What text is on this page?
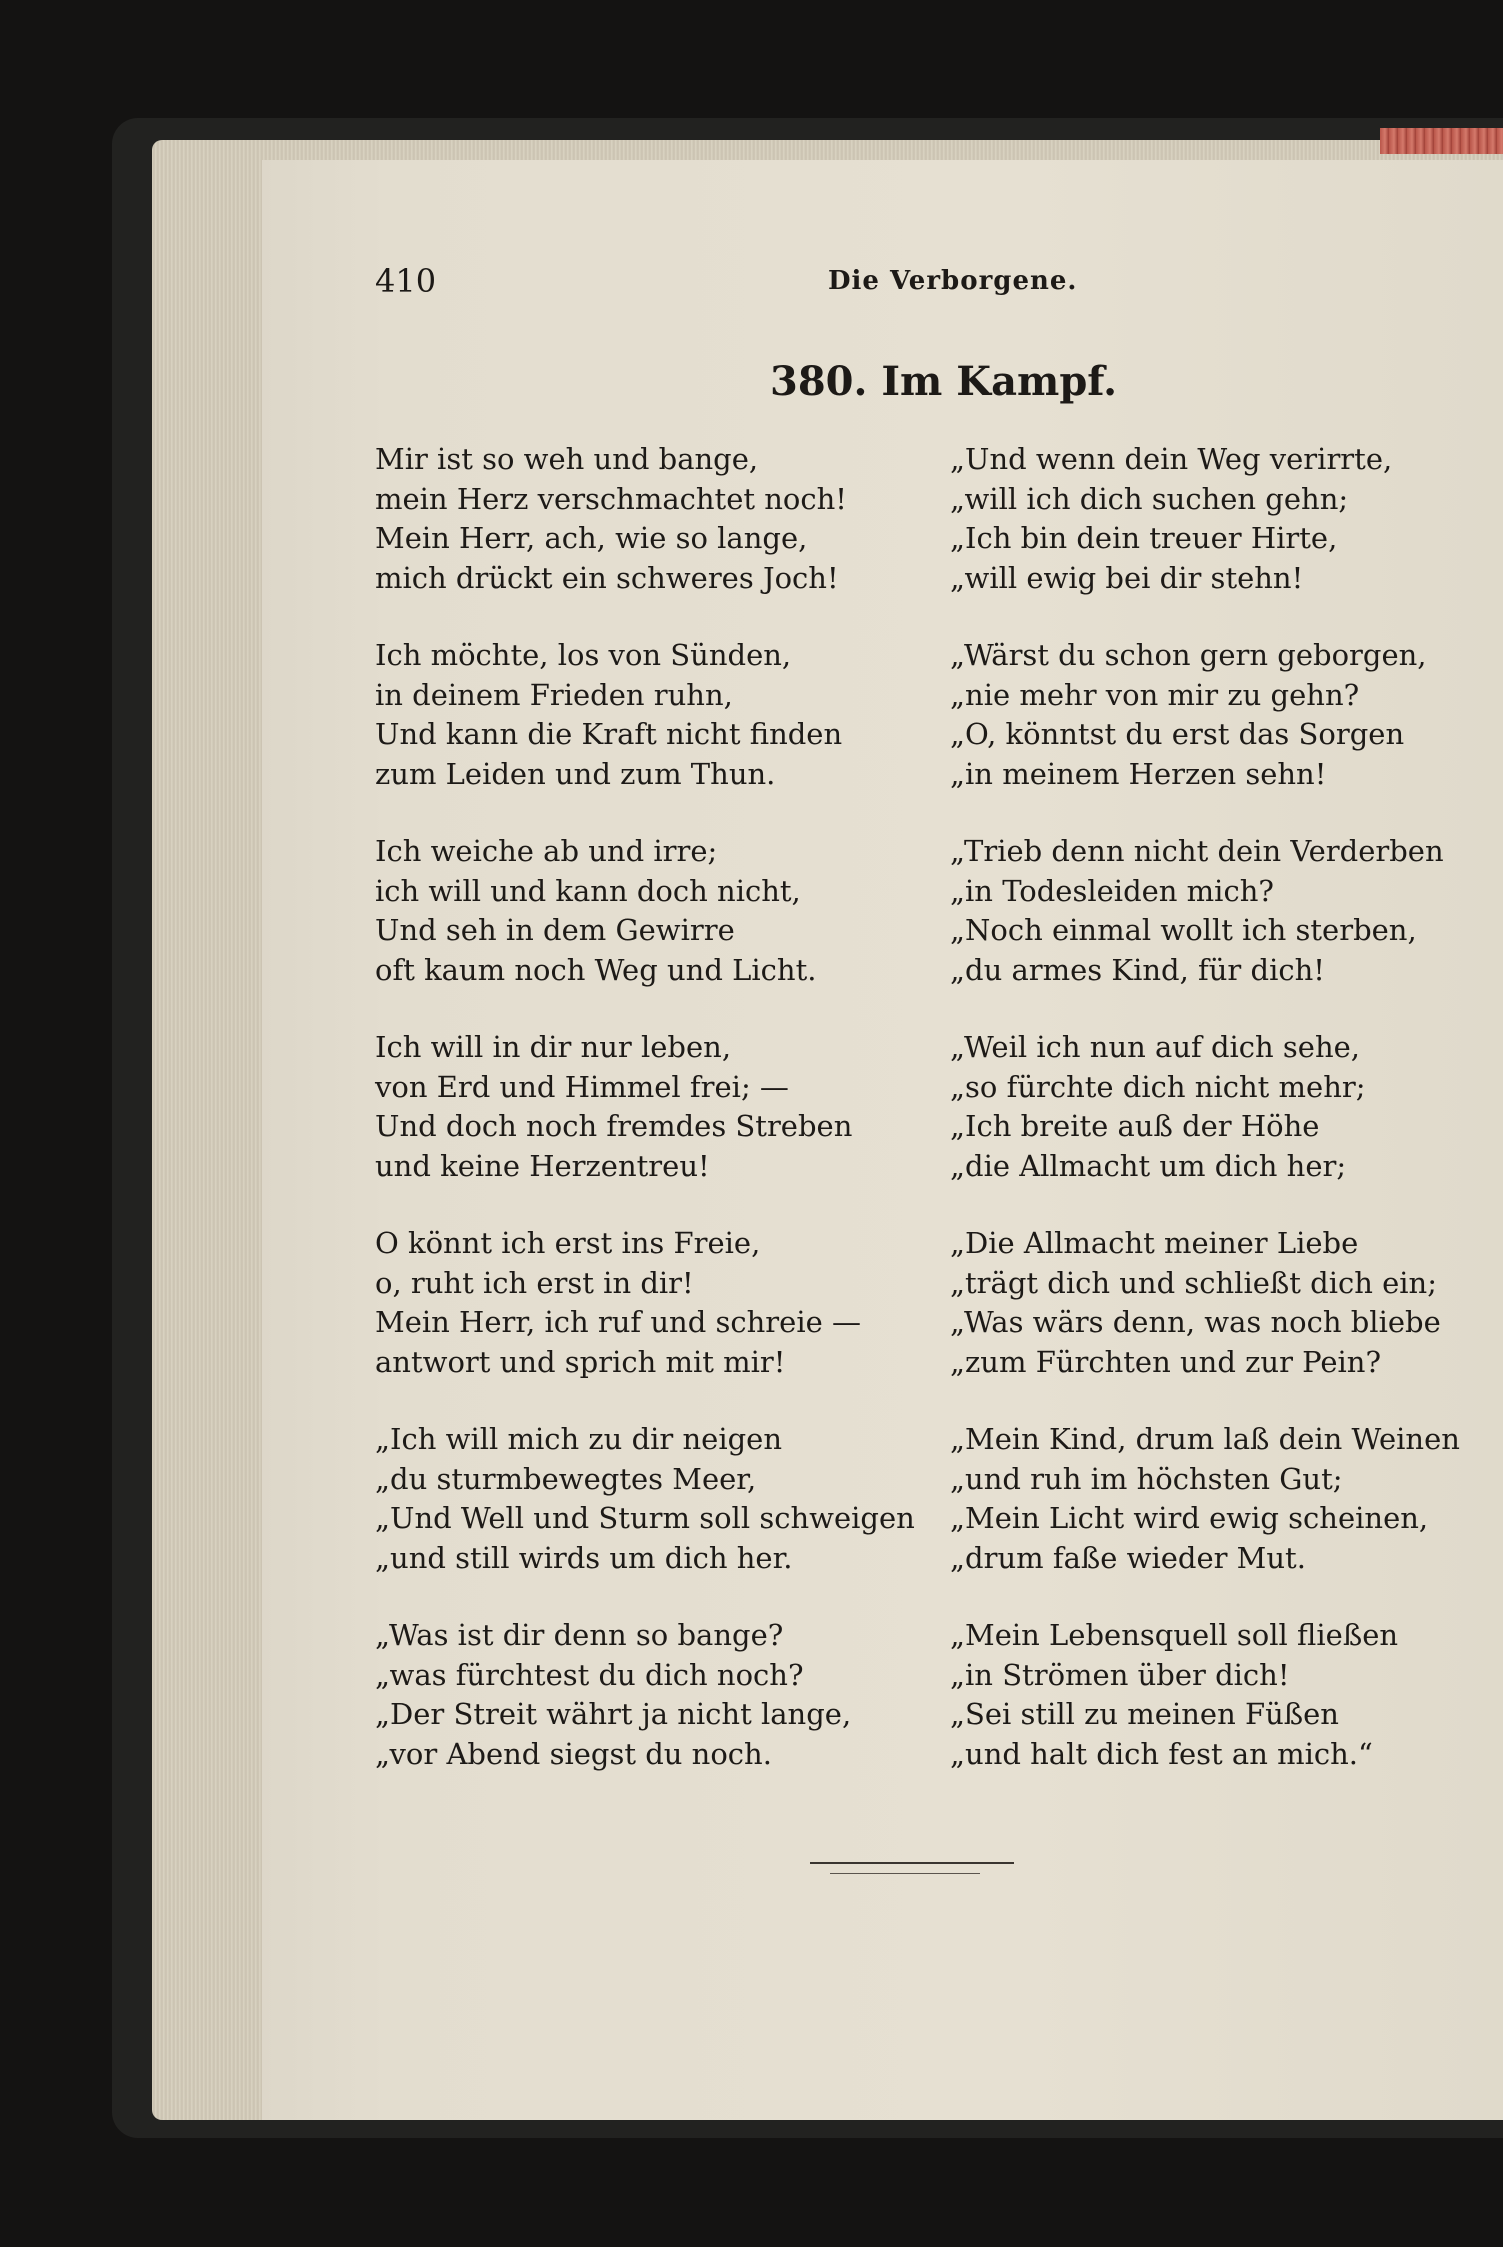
410	Die Verborgene.

380. Im Kampf.

Mir ist so weh und bange,
mein Herz verschmachtet noch!
Mein Herr, ach, wie so lange,
mich drückt ein schweres Joch!
Ich möchte, los von Sünden,
in deinem Frieden ruhn,
Und kann die Kraft nicht finden
zum Leiden und zum Thun.
Ich weiche ab und irre;
ich will und kann doch nicht,
Und seh in dem Gewirre
oft kaum noch Weg und Licht.
Ich will in dir nur leben,
von Erd und Himmel frei; —
Und doch noch fremdes Streben
und keine Herzentreu!
O könnt ich erst ins Freie,
o, ruht ich erst in dir!
Mein Herr, ich ruf und schreie —
antwort und sprich mit mir!
„Ich will mich zu dir neigen
„du sturmbewegtes Meer,
„Und Well und Sturm soll schweigen
„und still wirds um dich her.
„Was ist dir denn so bange?
„was fürchtest du dich noch?
„Der Streit währt ja nicht lange,
„vor Abend siegst du noch.
„Und wenn dein Weg verirrte,
„will ich dich suchen gehn;
„Ich bin dein treuer Hirte,
„will ewig bei dir stehn!
„Wärst du schon gern geborgen,
„nie mehr von mir zu gehn?
„O, könntst du erst das Sorgen
„in meinem Herzen sehn!
„Trieb denn nicht dein Verderben
„in Todesleiden mich?
„Noch einmal wollt ich sterben,
„du armes Kind, für dich!
„Weil ich nun auf dich sehe,
„so fürchte dich nicht mehr;
„Ich breite auß der Höhe
„die Allmacht um dich her;
„Die Allmacht meiner Liebe
„trägt dich und schließt dich ein;
„Was wärs denn, was noch bliebe
„zum Fürchten und zur Pein?
„Mein Kind, drum laß dein Weinen
„und ruh im höchsten Gut;
„Mein Licht wird ewig scheinen,
„drum faße wieder Mut.
„Mein Lebensquell soll fließen
„in Strömen über dich!
„Sei still zu meinen Füßen
„und halt dich fest an mich.“
